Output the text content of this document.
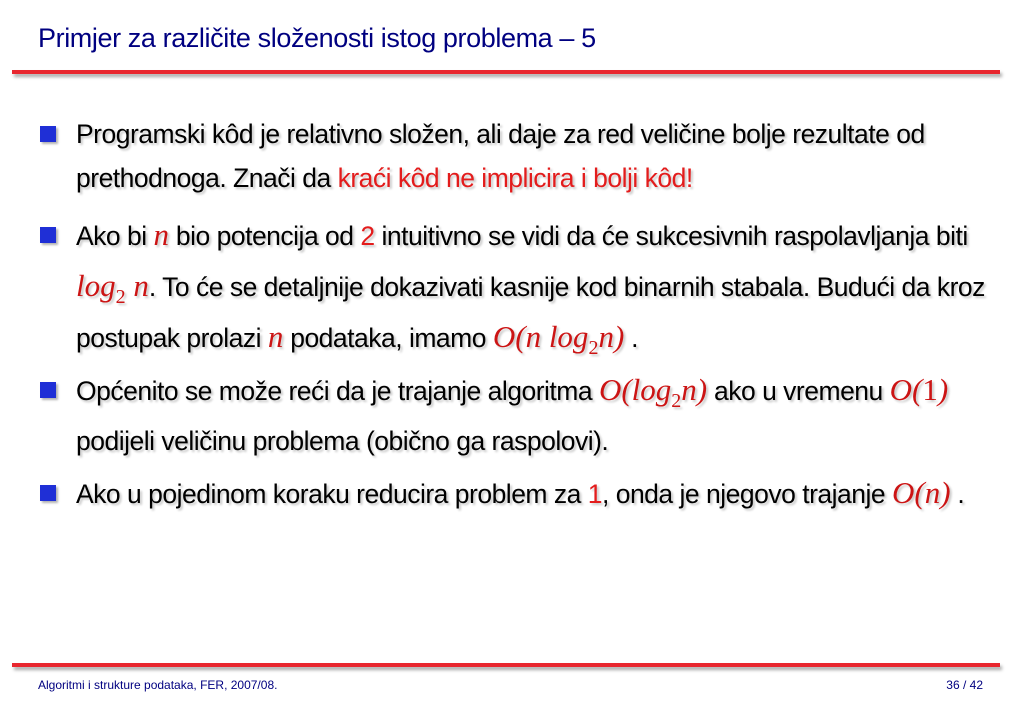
Primjer za različite složenosti istog problema – 5
Programski kôd je relativno složen, ali daje za red veličine bolje rezultate od prethodnoga. Znači da kraći kôd ne implicira i bolji kôd!
Ako bi n bio potencija od 2 intuitivno se vidi da će sukcesivnih raspolavljanja biti $\log_2 n$. To će se detaljnije dokazivati kasnije kod binarnih stabala. Budući da kroz postupak prolazi n podataka, imamo O(n $\log_2n$) .
Općenito se može reći da je trajanje algoritma $O(\log_2n)$ ako u vremenu O(1) podijeli veličinu problema (obično ga raspolovi).
Ako u pojedinom koraku reducira problem za 1, onda je njegovo trajanje O(n) .
Algoritmi i strukture podataka, FER, 2007/08.	36 / 42
